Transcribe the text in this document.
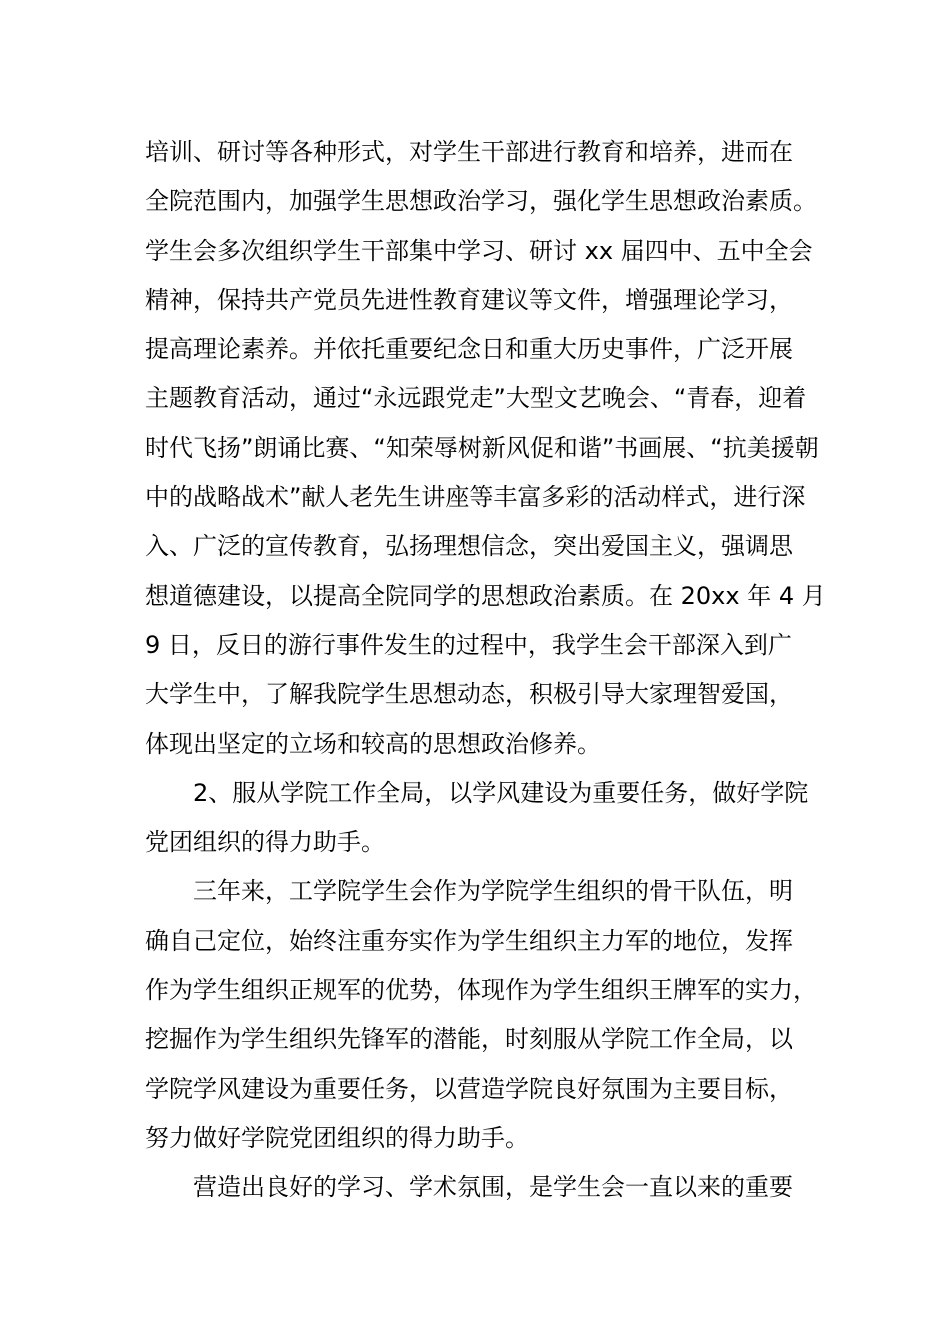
培训、研讨等各种形式，对学生干部进行教育和培养，进而在
全院范围内，加强学生思想政治学习，强化学生思想政治素质。
学生会多次组织学生干部集中学习、研讨 xx 届四中、五中全会
精神，保持共产党员先进性教育建议等文件，增强理论学习，
提高理论素养。并依托重要纪念日和重大历史事件，广泛开展
主题教育活动，通过“永远跟党走”大型文艺晚会、“青春，迎着
时代飞扬”朗诵比赛、“知荣辱树新风促和谐”书画展、“抗美援朝
中的战略战术”献人老先生讲座等丰富多彩的活动样式，进行深
入、广泛的宣传教育，弘扬理想信念，突出爱国主义，强调思
想道德建设，以提高全院同学的思想政治素质。在 20xx 年 4 月
9 日，反日的游行事件发生的过程中，我学生会干部深入到广
大学生中，了解我院学生思想动态，积极引导大家理智爱国，
体现出坚定的立场和较高的思想政治修养。
2、服从学院工作全局，以学风建设为重要任务，做好学院
党团组织的得力助手。
三年来，工学院学生会作为学院学生组织的骨干队伍，明
确自己定位，始终注重夯实作为学生组织主力军的地位，发挥
作为学生组织正规军的优势，体现作为学生组织王牌军的实力，
挖掘作为学生组织先锋军的潜能，时刻服从学院工作全局，以
学院学风建设为重要任务，以营造学院良好氛围为主要目标，
努力做好学院党团组织的得力助手。
营造出良好的学习、学术氛围，是学生会一直以来的重要
